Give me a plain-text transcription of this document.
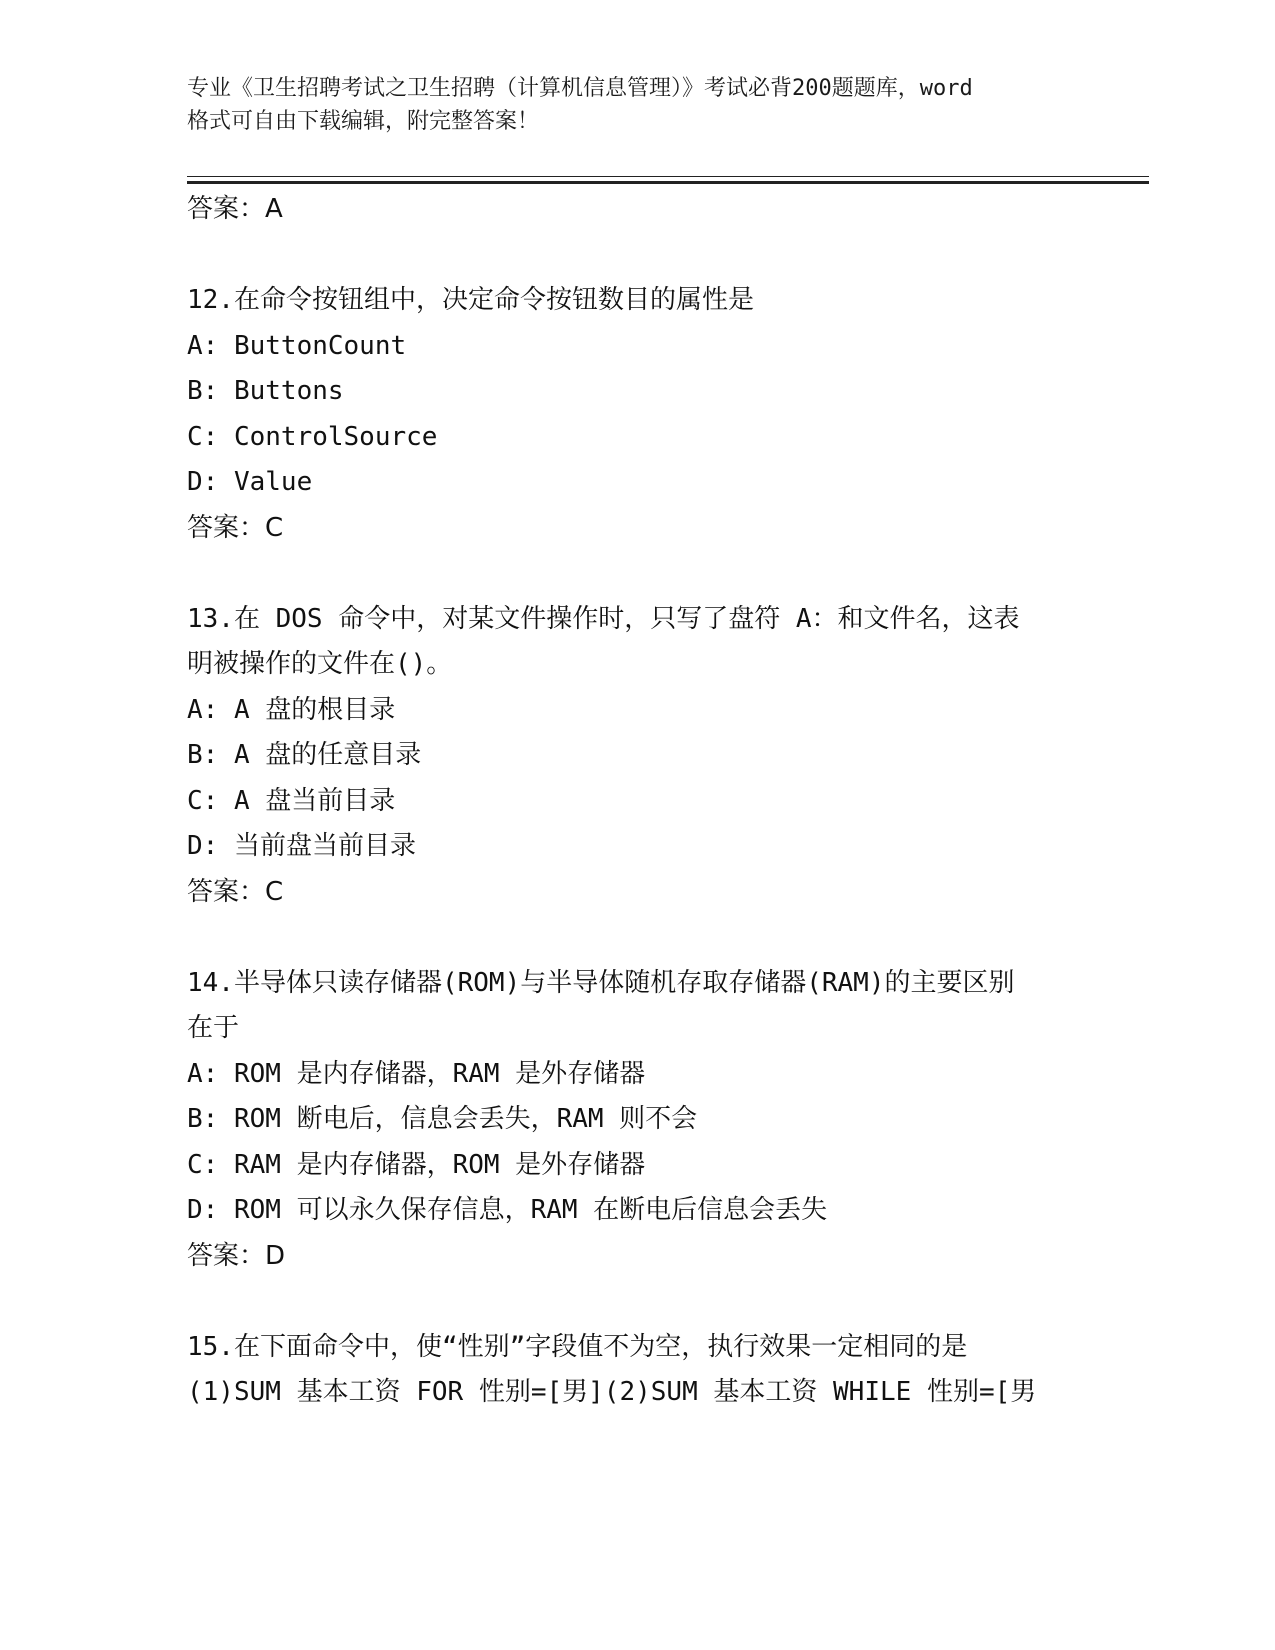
专业《卫生招聘考试之卫生招聘（计算机信息管理）》考试必背200题题库，word
格式可自由下载编辑，附完整答案！
答案：A
12.在命令按钮组中，决定命令按钮数目的属性是
A: ButtonCount
B: Buttons
C: ControlSource
D: Value
答案：C
13.在 DOS 命令中，对某文件操作时，只写了盘符 A：和文件名，这表
明被操作的文件在()。
A: A 盘的根目录
B: A 盘的任意目录
C: A 盘当前目录
D: 当前盘当前目录
答案：C
14.半导体只读存储器(ROM)与半导体随机存取存储器(RAM)的主要区别
在于
A: ROM 是内存储器，RAM 是外存储器
B: ROM 断电后，信息会丢失，RAM 则不会
C: RAM 是内存储器，ROM 是外存储器
D: ROM 可以永久保存信息，RAM 在断电后信息会丢失
答案：D
15.在下面命令中，使“性别”字段值不为空，执行效果一定相同的是
(1)SUM 基本工资 FOR 性别=[男](2)SUM 基本工资 WHILE 性别=[男
